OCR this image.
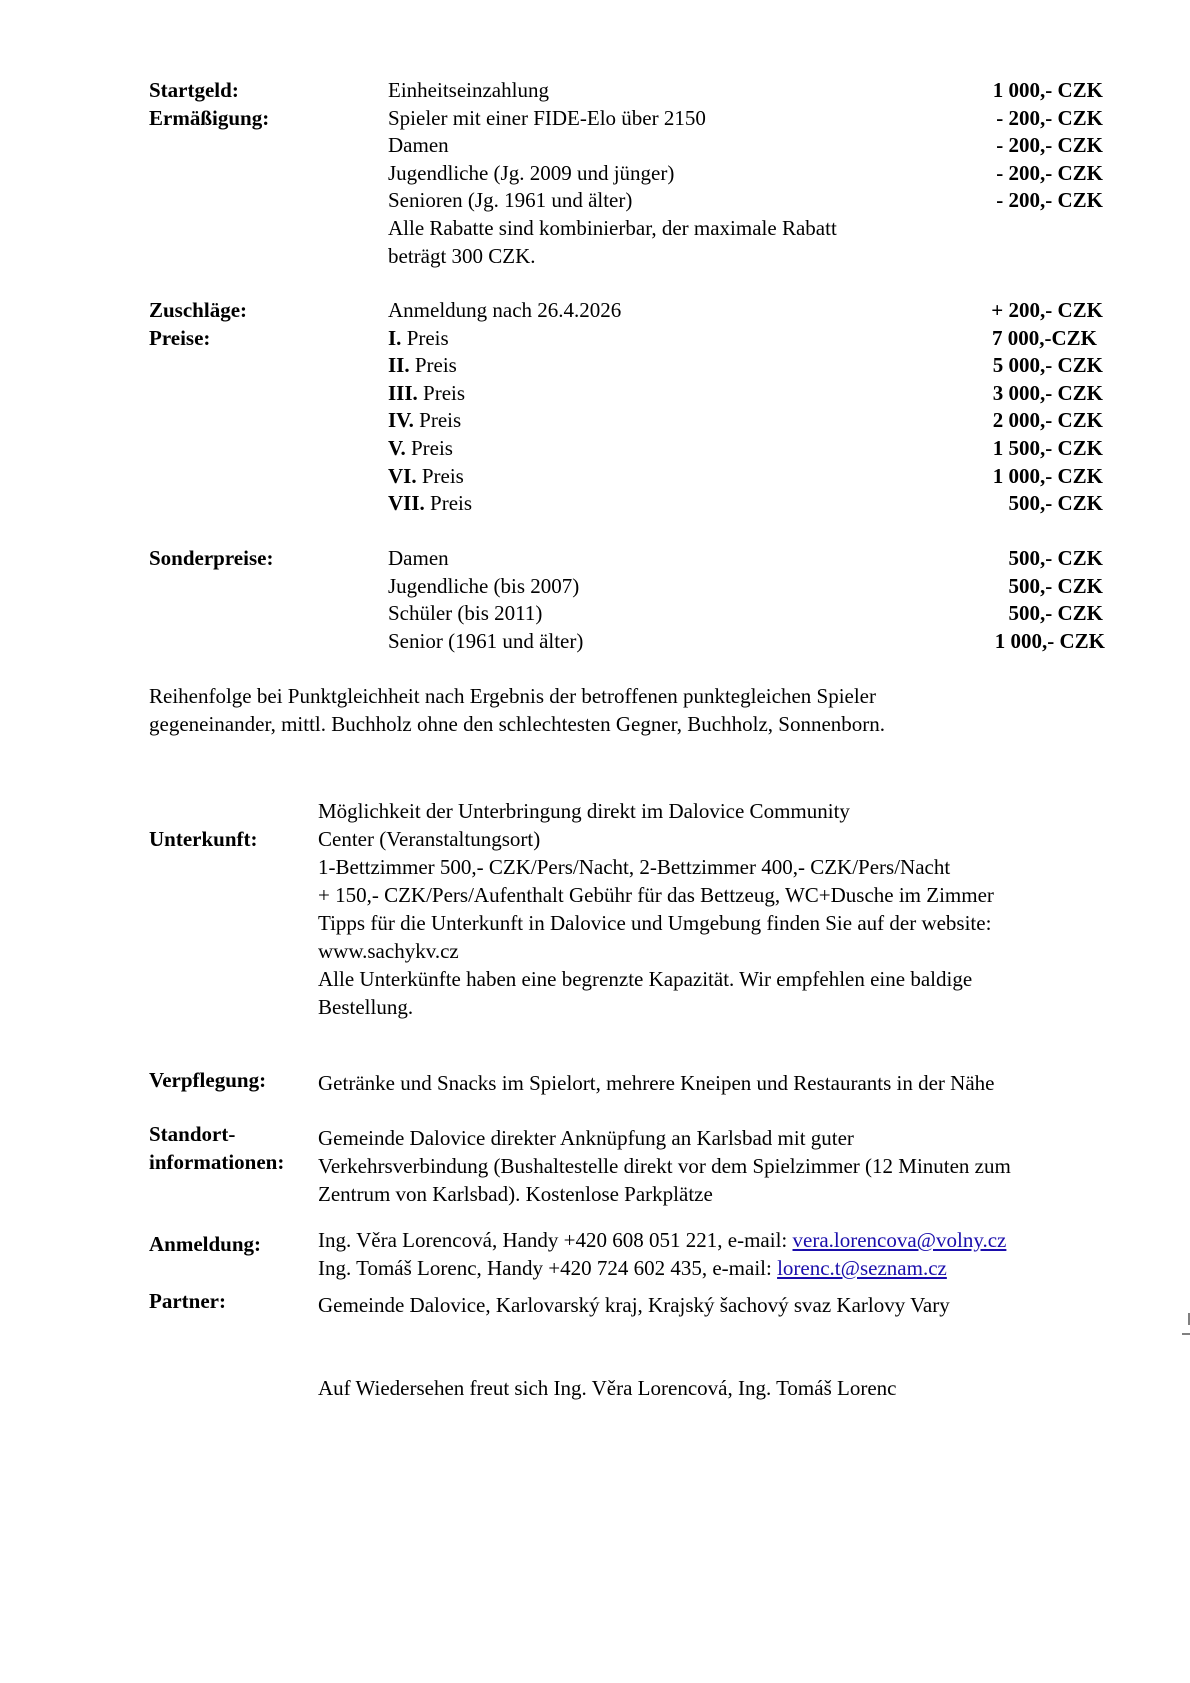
Startgeld:	Einheitseinzahlung	1 000,- CZK
Ermäßigung:	Spieler mit einer FIDE-Elo über 2150	- 200,- CZK
Damen	- 200,- CZK
Jugendliche (Jg. 2009 und jünger)	- 200,- CZK
Senioren (Jg. 1961 und älter)	- 200,- CZK
Alle Rabatte sind kombinierbar, der maximale Rabatt
beträgt 300 CZK.
Zuschläge:	Anmeldung nach 26.4.2026	+ 200,- CZK
Preise:	I. Preis	7 000,-CZK
II. Preis	5 000,- CZK
III. Preis	3 000,- CZK
IV. Preis	2 000,- CZK
V. Preis	1 500,- CZK
VI. Preis	1 000,- CZK
VII. Preis	500,- CZK
Sonderpreise:	Damen	500,- CZK
Jugendliche (bis 2007)	500,- CZK
Schüler (bis 2011)	500,- CZK
Senior (1961 und älter)	1 000,- CZK
Reihenfolge bei Punktgleichheit nach Ergebnis der betroffenen punktegleichen Spieler
gegeneinander, mittl. Buchholz ohne den schlechtesten Gegner, Buchholz, Sonnenborn.
Unterkunft:
Möglichkeit der Unterbringung direkt im Dalovice Community
Center (Veranstaltungsort)
1-Bettzimmer 500,- CZK/Pers/Nacht, 2-Bettzimmer 400,- CZK/Pers/Nacht
+ 150,- CZK/Pers/Aufenthalt Gebühr für das Bettzeug, WC+Dusche im Zimmer
Tipps für die Unterkunft in Dalovice und Umgebung finden Sie auf der website:
www.sachykv.cz
Alle Unterkünfte haben eine begrenzte Kapazität. Wir empfehlen eine baldige
Bestellung.
Verpflegung: Getränke und Snacks im Spielort, mehrere Kneipen und Restaurants in der Nähe
Standort-
informationen:
Gemeinde Dalovice direkter Anknüpfung an Karlsbad mit guter
Verkehrsverbindung (Bushaltestelle direkt vor dem Spielzimmer (12 Minuten zum
Zentrum von Karlsbad). Kostenlose Parkplätze
Anmeldung:	Ing. Věra Lorencová, Handy +420 608 051 221, e-mail: vera.lorencova@volny.cz
Ing. Tomáš Lorenc, Handy +420 724 602 435, e-mail: lorenc.t@seznam.cz
Partner:	Gemeinde Dalovice, Karlovarský kraj, Krajský šachový svaz Karlovy Vary
Auf Wiedersehen freut sich Ing. Věra Lorencová, Ing. Tomáš Lorenc
